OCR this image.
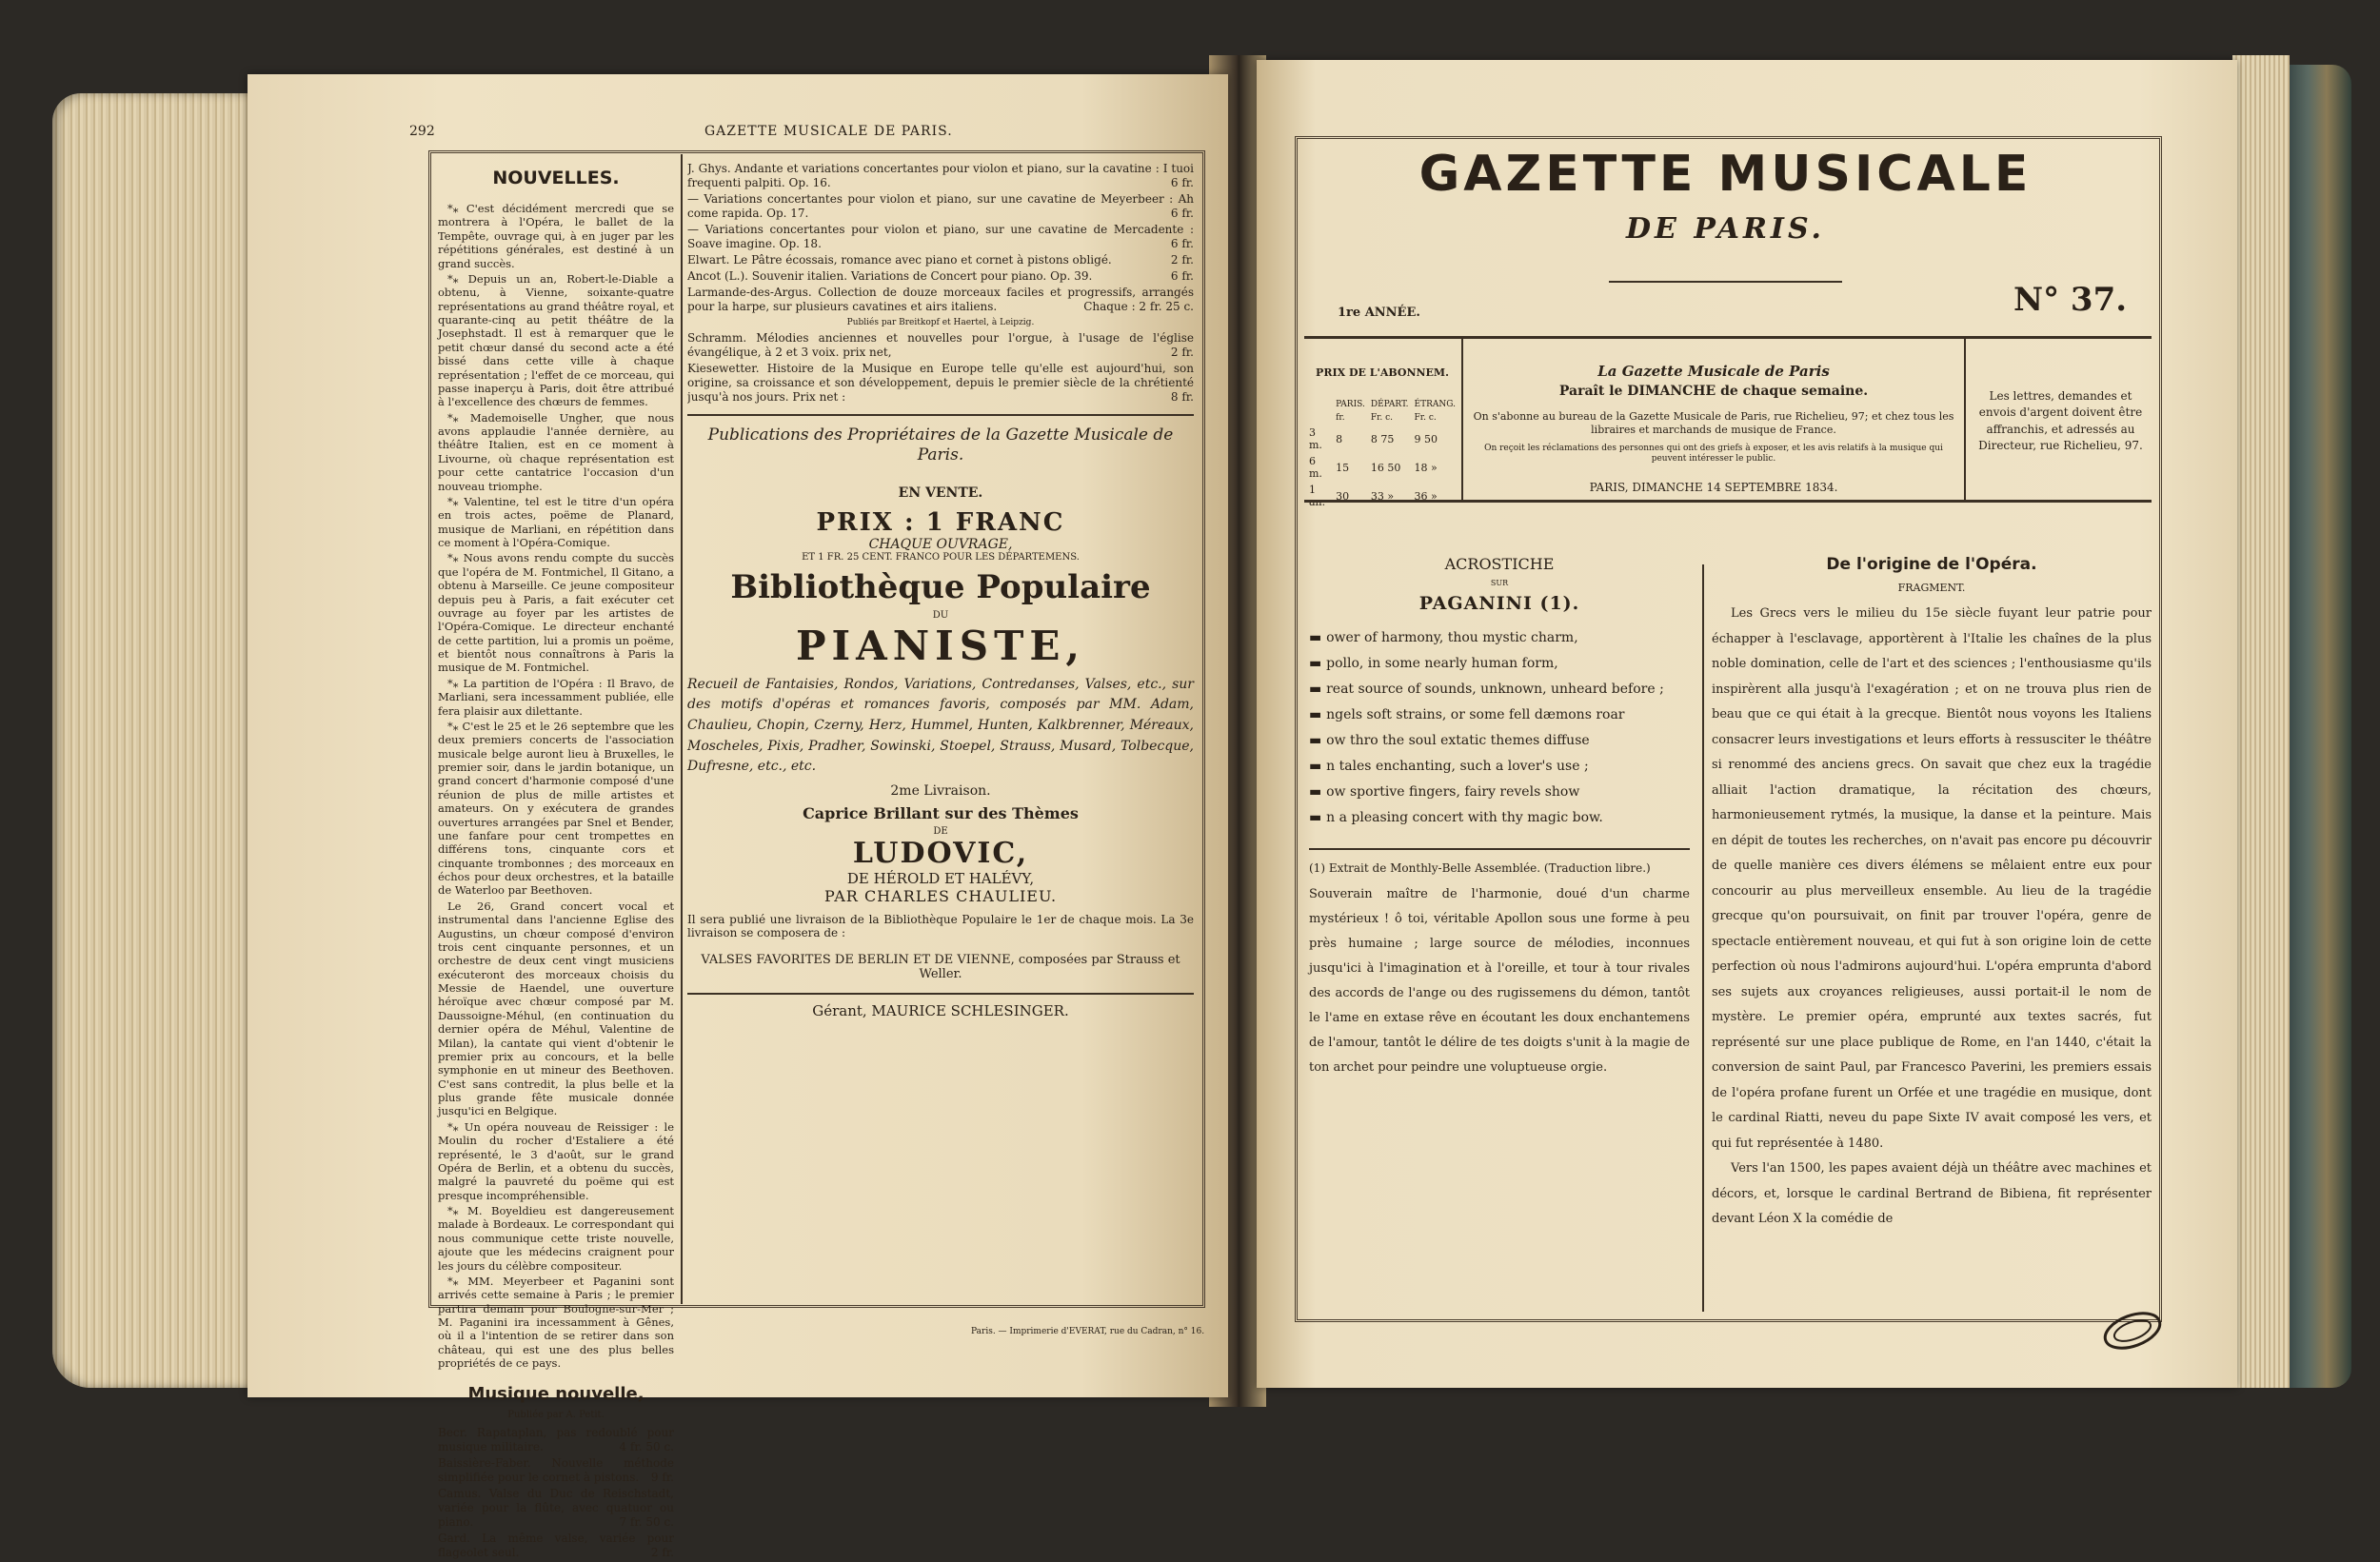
292	GAZETTE MUSICALE DE PARIS.
NOUVELLES.

*⁎ C'est décidément mercredi que se montrera à l'Opéra, le ballet de la Tempête, ouvrage qui, à en juger par les répétitions générales, est destiné à un grand succès.

*⁎ Depuis un an, Robert-le-Diable a obtenu, à Vienne, soixante-quatre représentations au grand théâtre royal, et quarante-cinq au petit théâtre de la Josephstadt. Il est à remarquer que le petit chœur dansé du second acte a été bissé dans cette ville à chaque représentation ; l'effet de ce morceau, qui passe inaperçu à Paris, doit être attribué à l'excellence des chœurs de femmes.

*⁎ Mademoiselle Ungher, que nous avons applaudie l'année dernière, au théâtre Italien, est en ce moment à Livourne, où chaque représentation est pour cette cantatrice l'occasion d'un nouveau triomphe.

*⁎ Valentine, tel est le titre d'un opéra en trois actes, poëme de Planard, musique de Marliani, en répétition dans ce moment à l'Opéra-Comique.

*⁎ Nous avons rendu compte du succès que l'opéra de M. Fontmichel, Il Gitano, a obtenu à Marseille. Ce jeune compositeur depuis peu à Paris, a fait exécuter cet ouvrage au foyer par les artistes de l'Opéra-Comique. Le directeur enchanté de cette partition, lui a promis un poëme, et bientôt nous connaîtrons à Paris la musique de M. Fontmichel.

*⁎ La partition de l'Opéra : Il Bravo, de Marliani, sera incessamment publiée, elle fera plaisir aux dilettante.

*⁎ C'est le 25 et le 26 septembre que les deux premiers concerts de l'association musicale belge auront lieu à Bruxelles, le premier soir, dans le jardin botanique, un grand concert d'harmonie composé d'une réunion de plus de mille artistes et amateurs. On y exécutera de grandes ouvertures arrangées par Snel et Bender, une fanfare pour cent trompettes en différens tons, cinquante cors et cinquante trombonnes ; des morceaux en échos pour deux orchestres, et la bataille de Waterloo par Beethoven.

Le 26, Grand concert vocal et instrumental dans l'ancienne Eglise des Augustins, un chœur composé d'environ trois cent cinquante personnes, et un orchestre de deux cent vingt musiciens exécuteront des morceaux choisis du Messie de Haendel, une ouverture héroïque avec chœur composé par M. Daussoigne-Méhul, (en continuation du dernier opéra de Méhul, Valentine de Milan), la cantate qui vient d'obtenir le premier prix au concours, et la belle symphonie en ut mineur des Beethoven. C'est sans contredit, la plus belle et la plus grande fête musicale donnée jusqu'ici en Belgique.

*⁎ Un opéra nouveau de Reissiger : le Moulin du rocher d'Estaliere a été représenté, le 3 d'août, sur le grand Opéra de Berlin, et a obtenu du succès, malgré la pauvreté du poëme qui est presque incompréhensible.

*⁎ M. Boyeldieu est dangereusement malade à Bordeaux. Le correspondant qui nous communique cette triste nouvelle, ajoute que les médecins craignent pour les jours du célèbre compositeur.

*⁎ MM. Meyerbeer et Paganini sont arrivés cette semaine à Paris ; le premier partira demain pour Boulogne-sur-Mer ; M. Paganini ira incessamment à Gênes, où il a l'intention de se retirer dans son château, qui est une des plus belles propriétés de ce pays.

Musique nouvelle,
Publiée par A. Petit.
Becr. Rapataplan, pas redoublé pour musique militaire.	4 fr. 50 c.
Baissière-Faber. Nouvelle méthode simplifiée pour le cornet à pistons. 9 fr.
Camus. Valse du Duc de Reischstadt, variée pour la flûte, avec quatuor ou piano.	7 fr. 50 c.
Gard. La même valse, variée pour flageolet seul.	2 fr.
J. Ghys. Andante et variations concertantes pour violon et piano, sur la cavatine : I tuoi frequenti palpiti. Op. 16.	6 fr.
— Variations concertantes pour violon et piano, sur une cavatine de Meyerbeer : Ah come rapida. Op. 17.	6 fr.
— Variations concertantes pour violon et piano, sur une cavatine de Mercadente : Soave imagine. Op. 18.	6 fr.
Elwart. Le Pâtre écossais, romance avec piano et cornet à pistons obligé.	2 fr.
Ancot (L.). Souvenir italien. Variations de Concert pour piano. Op. 39.	6 fr.
Larmande-des-Argus. Collection de douze morceaux faciles et progressifs, arrangés pour la harpe, sur plusieurs cavatines et airs italiens.	Chaque : 2 fr. 25 c.
Publiés par Breitkopf et Haertel, à Leipzig.
Schramm. Mélodies anciennes et nouvelles pour l'orgue, à l'usage de l'église évangélique, à 2 et 3 voix. prix net,	2 fr.
Kiesewetter. Histoire de la Musique en Europe telle qu'elle est aujourd'hui, son origine, sa croissance et son développement, depuis le premier siècle de la chrétienté jusqu'à nos jours. Prix net :	8 fr.
Publications des Propriétaires de la Gazette Musicale de Paris.
EN VENTE.
PRIX : 1 FRANC
CHAQUE OUVRAGE,
ET 1 FR. 25 CENT. FRANCO POUR LES DÉPARTEMENS.
Bibliothèque Populaire
DU
PIANISTE,
Recueil de Fantaisies, Rondos, Variations, Contredanses, Valses, etc., sur des motifs d'opéras et romances favoris, composés par MM. Adam, Chaulieu, Chopin, Czerny, Herz, Hummel, Hunten, Kalkbrenner, Méreaux, Moscheles, Pixis, Pradher, Sowinski, Stoepel, Strauss, Musard, Tolbecque, Dufresne, etc., etc.
2me Livraison.
Caprice Brillant sur des Thèmes
DE
LUDOVIC,
DE HÉROLD ET HALÉVY,
PAR CHARLES CHAULIEU.
Il sera publié une livraison de la Bibliothèque Populaire le 1er de chaque mois. La 3e livraison se composera de :
VALSES FAVORITES DE BERLIN ET DE VIENNE, composées par Strauss et Weller.
Gérant, MAURICE SCHLESINGER.
Paris. — Imprimerie d'EVERAT, rue du Cadran, n° 16.
GAZETTE MUSICALE
DE PARIS.
1re ANNÉE.	N° 37.
PRIX DE L'ABONNEM.
	PARIS.	DÉPART.	ÉTRANG.
	fr.	Fr. c.	Fr. c.
3 m.	8	8 75	9 50
6 m.	15	16 50	18 »
1 an.	30	33 »	36 »
La Gazette Musicale de Paris
Paraît le DIMANCHE de chaque semaine.
On s'abonne au bureau de la Gazette Musicale de Paris, rue Richelieu, 97; et chez tous les libraires et marchands de musique de France.
On reçoit les réclamations des personnes qui ont des griefs à exposer, et les avis relatifs à la musique qui peuvent intéresser le public.
PARIS, DIMANCHE 14 SEPTEMBRE 1834.
Les lettres, demandes et envois d'argent doivent être affranchis, et adressés au Directeur, rue Richelieu, 97.
ACROSTICHE
SUR
PAGANINI (1).
▬ ower of harmony, thou mystic charm,
▬ pollo, in some nearly human form,
▬ reat source of sounds, unknown, unheard before ;
▬ ngels soft strains, or some fell dæmons roar
▬ ow thro the soul extatic themes diffuse
▬ n tales enchanting, such a lover's use ;
▬ ow sportive fingers, fairy revels show
▬ n a pleasing concert with thy magic bow.
(1) Extrait de Monthly-Belle Assemblée. (Traduction libre.)
Souverain maître de l'harmonie, doué d'un charme mystérieux ! ô toi, véritable Apollon sous une forme à peu près humaine ; large source de mélodies, inconnues jusqu'ici à l'imagination et à l'oreille, et tour à tour rivales des accords de l'ange ou des rugissemens du démon, tantôt le l'ame en extase rêve en écoutant les doux enchantemens de l'amour, tantôt le délire de tes doigts s'unit à la magie de ton archet pour peindre une voluptueuse orgie.
De l'origine de l'Opéra.
FRAGMENT.
Les Grecs vers le milieu du 15e siècle fuyant leur patrie pour échapper à l'esclavage, apportèrent à l'Italie les chaînes de la plus noble domination, celle de l'art et des sciences ; l'enthousiasme qu'ils inspirèrent alla jusqu'à l'exagération ; et on ne trouva plus rien de beau que ce qui était à la grecque. Bientôt nous voyons les Italiens consacrer leurs investigations et leurs efforts à ressusciter le théâtre si renommé des anciens grecs. On savait que chez eux la tragédie alliait l'action dramatique, la récitation des chœurs, harmonieusement rytmés, la musique, la danse et la peinture. Mais en dépit de toutes les recherches, on n'avait pas encore pu découvrir de quelle manière ces divers élémens se mêlaient entre eux pour concourir au plus merveilleux ensemble. Au lieu de la tragédie grecque qu'on poursuivait, on finit par trouver l'opéra, genre de spectacle entièrement nouveau, et qui fut à son origine loin de cette perfection où nous l'admirons aujourd'hui. L'opéra emprunta d'abord ses sujets aux croyances religieuses, aussi portait-il le nom de mystère. Le premier opéra, emprunté aux textes sacrés, fut représenté sur une place publique de Rome, en l'an 1440, c'était la conversion de saint Paul, par Francesco Paverini, les premiers essais de l'opéra profane furent un Orfée et une tragédie en musique, dont le cardinal Riatti, neveu du pape Sixte IV avait composé les vers, et qui fut représentée à 1480.
Vers l'an 1500, les papes avaient déjà un théâtre avec machines et décors, et, lorsque le cardinal Bertrand de Bibiena, fit représenter devant Léon X la comédie de
